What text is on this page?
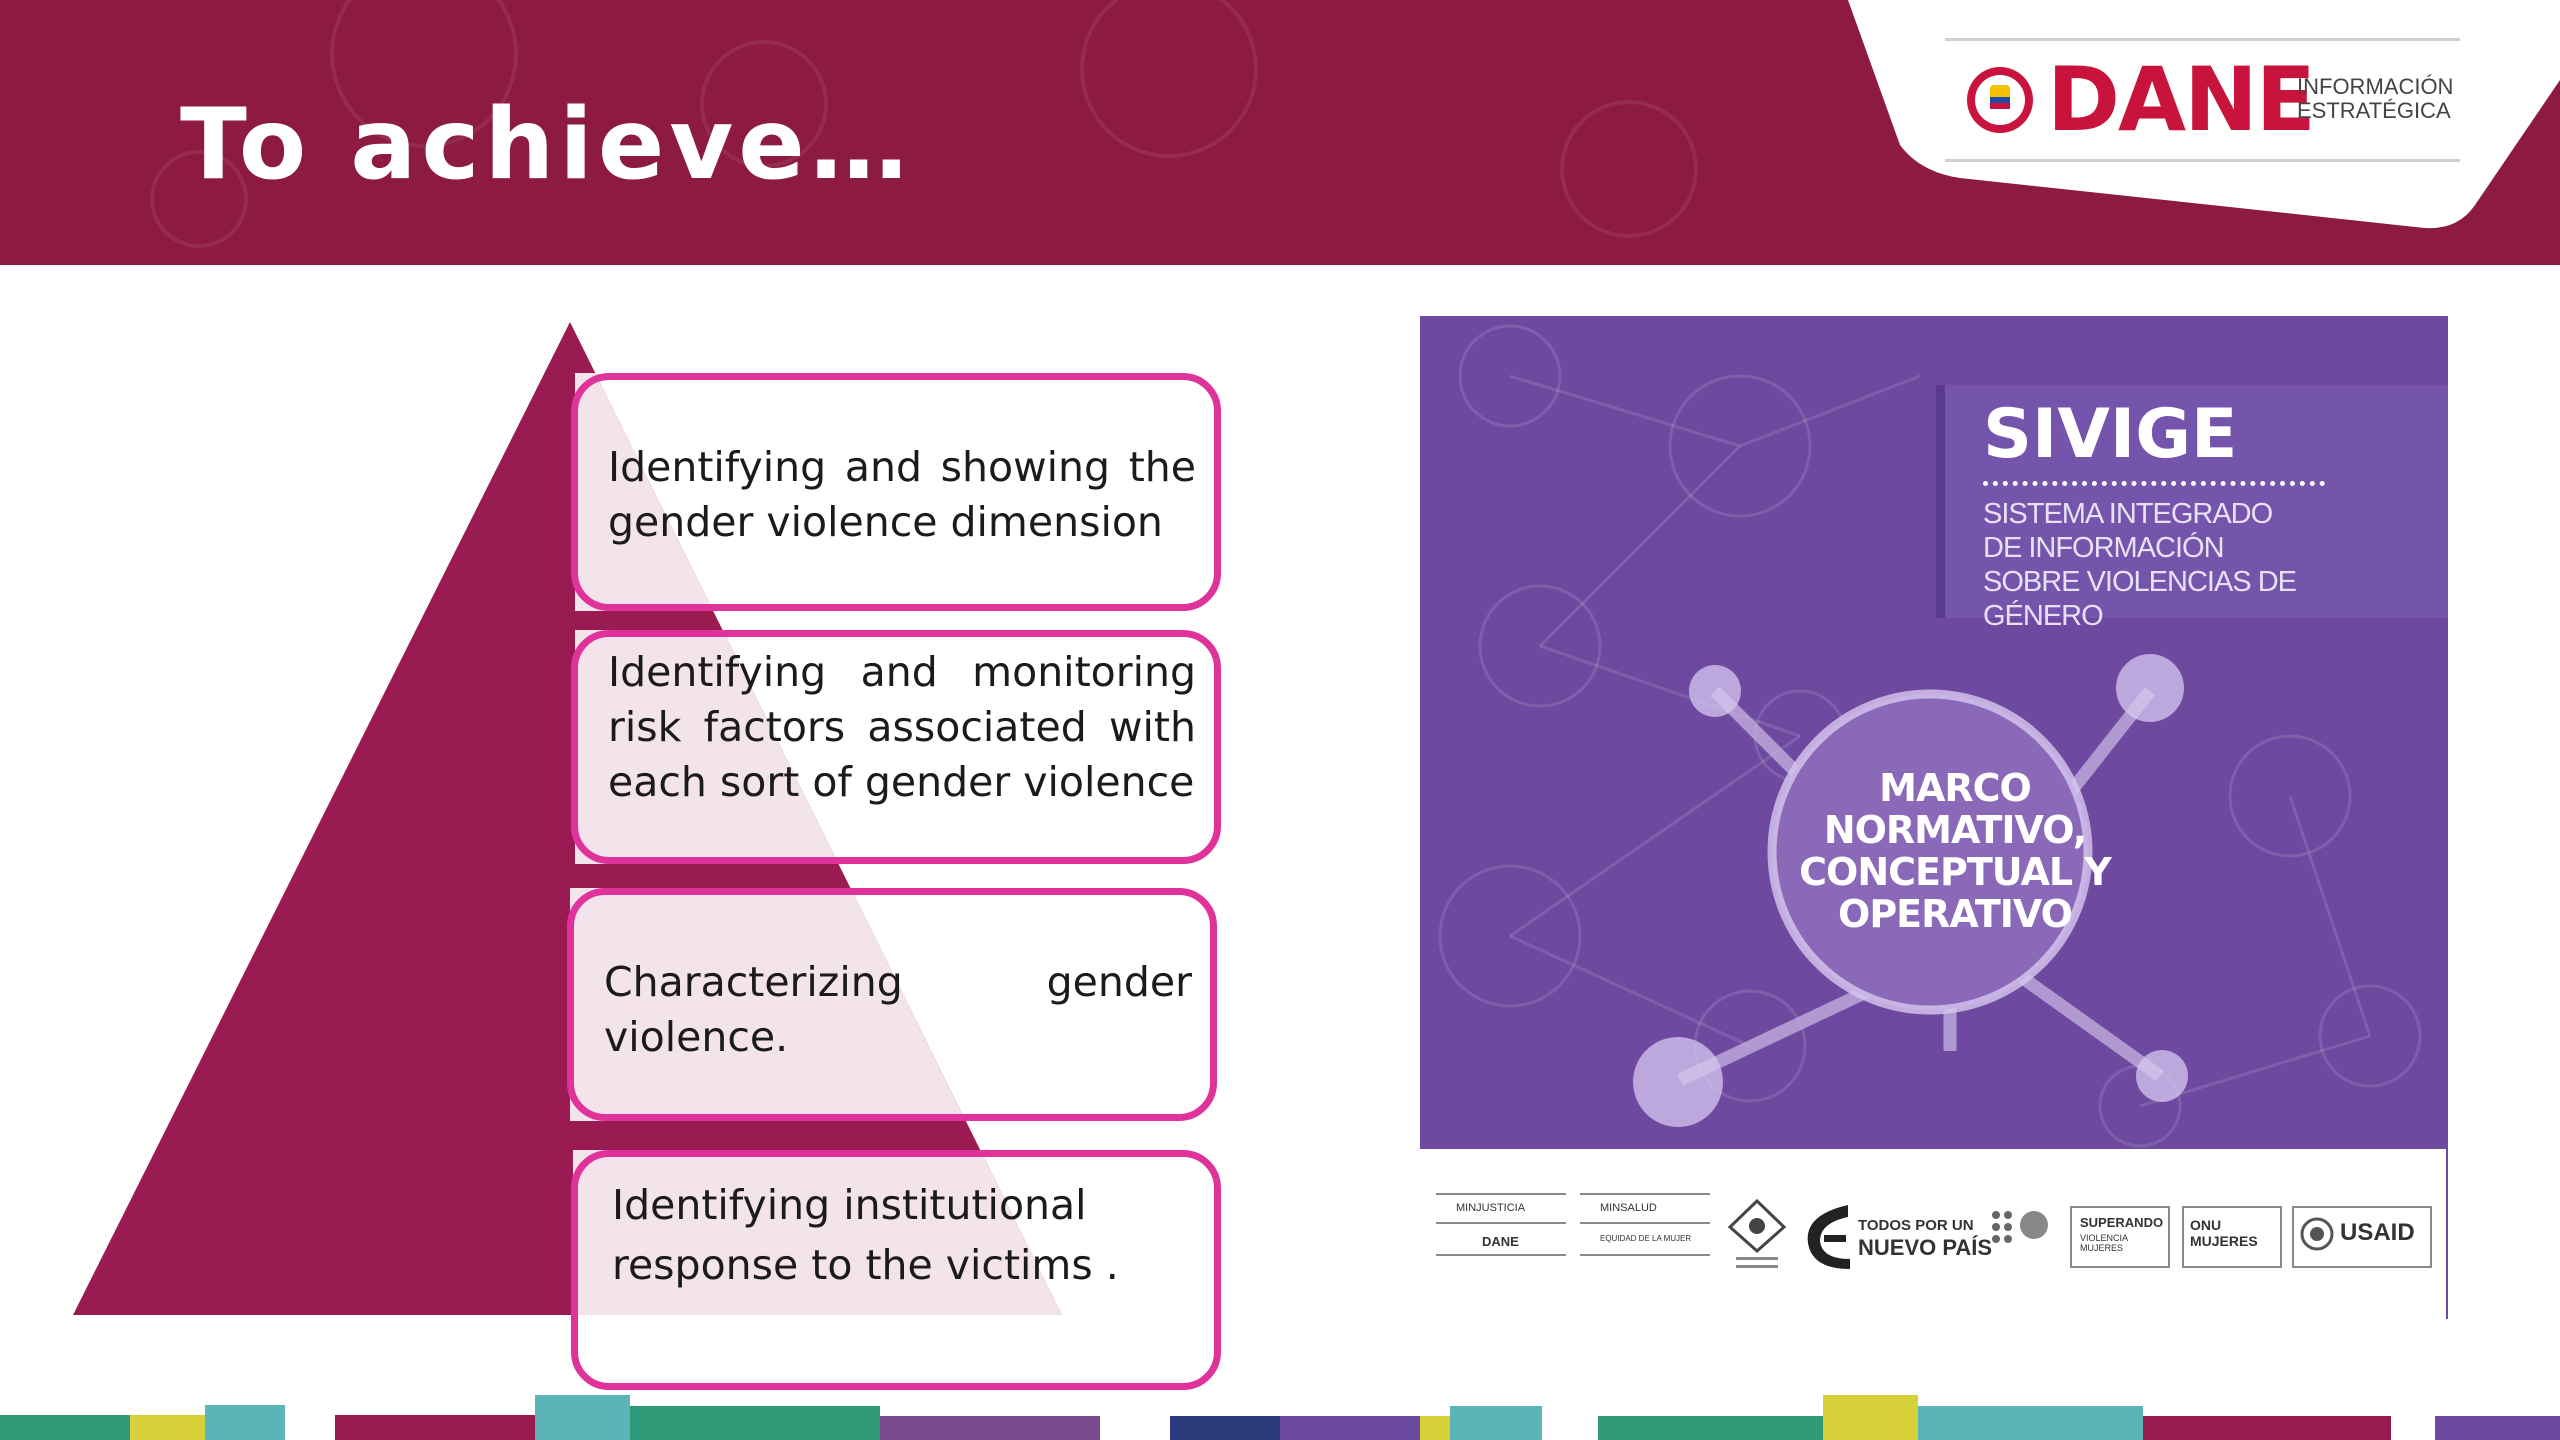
To achieve…	DANE
INFORMACIÓN ESTRATÉGICA
Identifying and showing the gender violence dimension
Identifying and monitoring risk factors associated with each sort of gender violence
Characterizing gender violence.
Identifying institutional response to the victims .
SIVIGE
SISTEMA INTEGRADO DE INFORMACIÓN SOBRE VIOLENCIAS DE GÉNERO
MARCO NORMATIVO, CONCEPTUAL Y OPERATIVO
MINJUSTICIA
DANE
MINSALUD
EQUIDAD DE LA MUJER
TODOS POR UN
NUEVO PAÍS
SUPERANDO
VIOLENCIA MUJERES
ONU MUJERES	USAID
